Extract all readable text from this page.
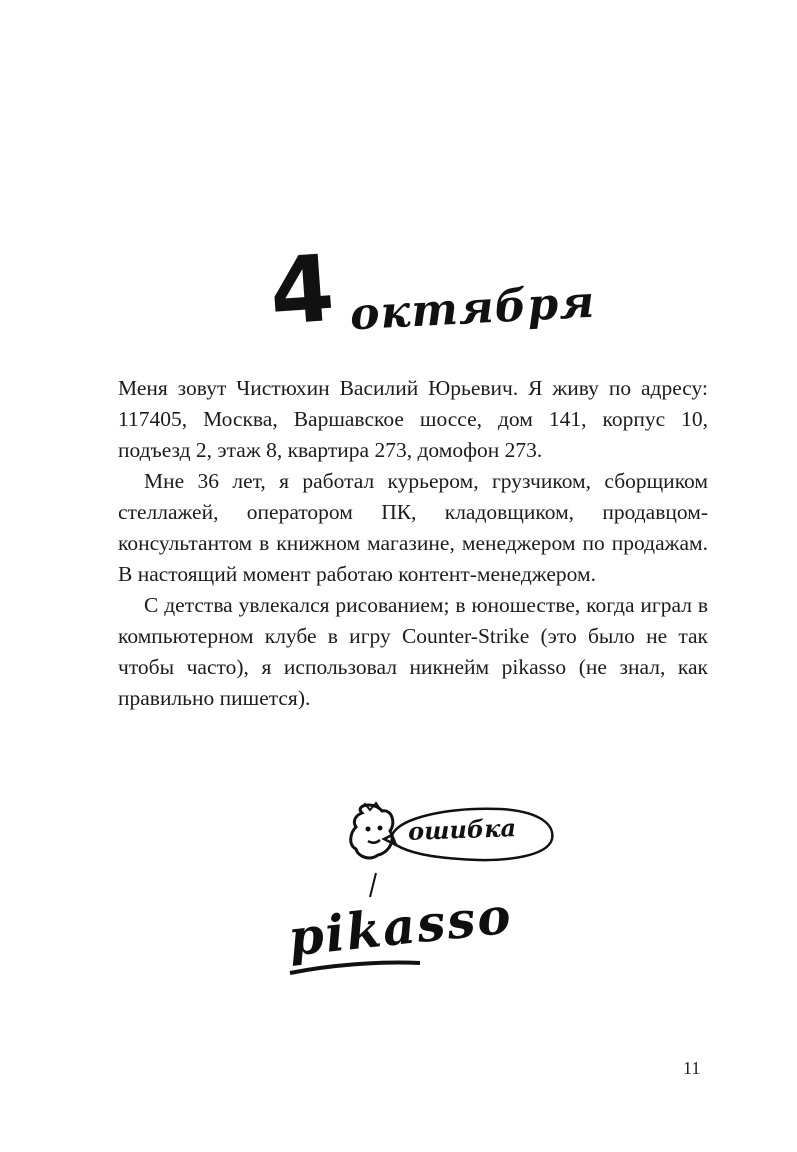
4 октября

Меня зовут Чистюхин Василий Юрьевич. Я живу по адресу: 117405, Москва, Варшавское шоссе, дом 141, корпус 10, подъезд 2, этаж 8, квартира 273, домофон 273.

Мне 36 лет, я работал курьером, грузчиком, сборщиком стеллажей, оператором ПК, кладовщиком, продавцом-консультантом в книжном магазине, менеджером по продажам. В настоящий момент работаю контент-менеджером.

С детства увлекался рисованием; в юношестве, когда играл в компьютерном клубе в игру Counter-Strike (это было не так чтобы часто), я использовал никнейм pikasso (не знал, как правильно пишется).

ошибка
pikasso
11
